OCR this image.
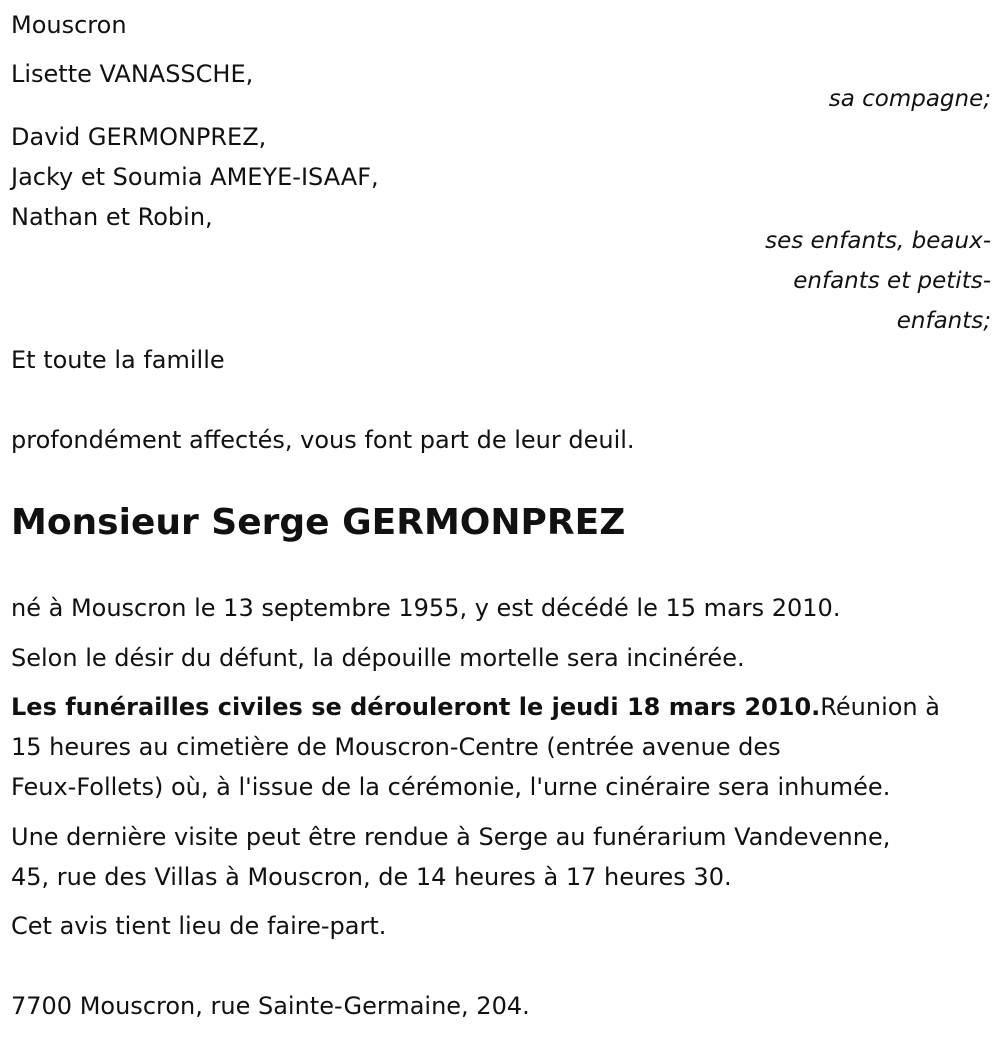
Mouscron
Lisette VANASSCHE,
sa compagne;
David GERMONPREZ,
Jacky et Soumia AMEYE-ISAAF,
Nathan et Robin,
ses enfants, beaux-
enfants et petits-
enfants;
Et toute la famille
profondément affectés, vous font part de leur deuil.
Monsieur Serge GERMONPREZ
né à Mouscron le 13 septembre 1955, y est décédé le 15 mars 2010.
Selon le désir du défunt, la dépouille mortelle sera incinérée.
Les funérailles civiles se dérouleront le jeudi 18 mars 2010.Réunion à
15 heures au cimetière de Mouscron-Centre (entrée avenue des
Feux-Follets) où, à l'issue de la cérémonie, l'urne cinéraire sera inhumée.
Une dernière visite peut être rendue à Serge au funérarium Vandevenne,
45, rue des Villas à Mouscron, de 14 heures à 17 heures 30.
Cet avis tient lieu de faire-part.
7700 Mouscron, rue Sainte-Germaine, 204.
